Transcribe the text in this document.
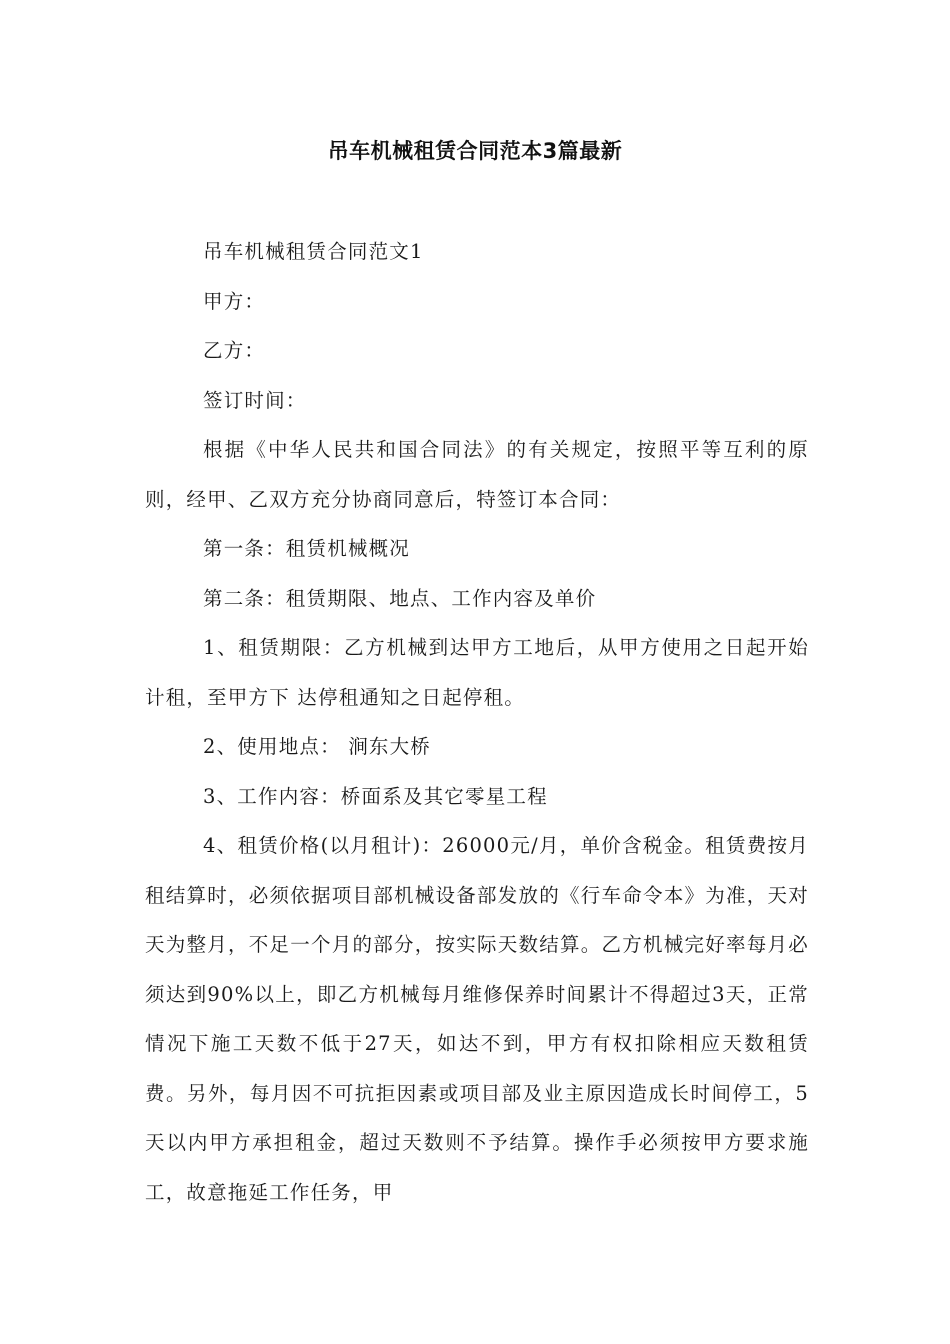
吊车机械租赁合同范本3篇最新

吊车机械租赁合同范文1

甲方：

乙方：

签订时间：

根据《中华人民共和国合同法》的有关规定，按照平等互利的原则，经甲、乙双方充分协商同意后，特签订本合同：

第一条：租赁机械概况

第二条：租赁期限、地点、工作内容及单价

1、租赁期限：乙方机械到达甲方工地后，从甲方使用之日起开始计租，至甲方下 达停租通知之日起停租。

2、使用地点： 涧东大桥

3、工作内容：桥面系及其它零星工程

4、租赁价格(以月租计)：26000元/月，单价含税金。租赁费按月租结算时，必须依据项目部机械设备部发放的《行车命令本》为准，天对天为整月，不足一个月的部分，按实际天数结算。乙方机械完好率每月必须达到90%以上，即乙方机械每月维修保养时间累计不得超过3天，正常情况下施工天数不低于27天，如达不到，甲方有权扣除相应天数租赁费。另外，每月因不可抗拒因素或项目部及业主原因造成长时间停工，5天以内甲方承担租金，超过天数则不予结算。操作手必须按甲方要求施工，故意拖延工作任务，甲
